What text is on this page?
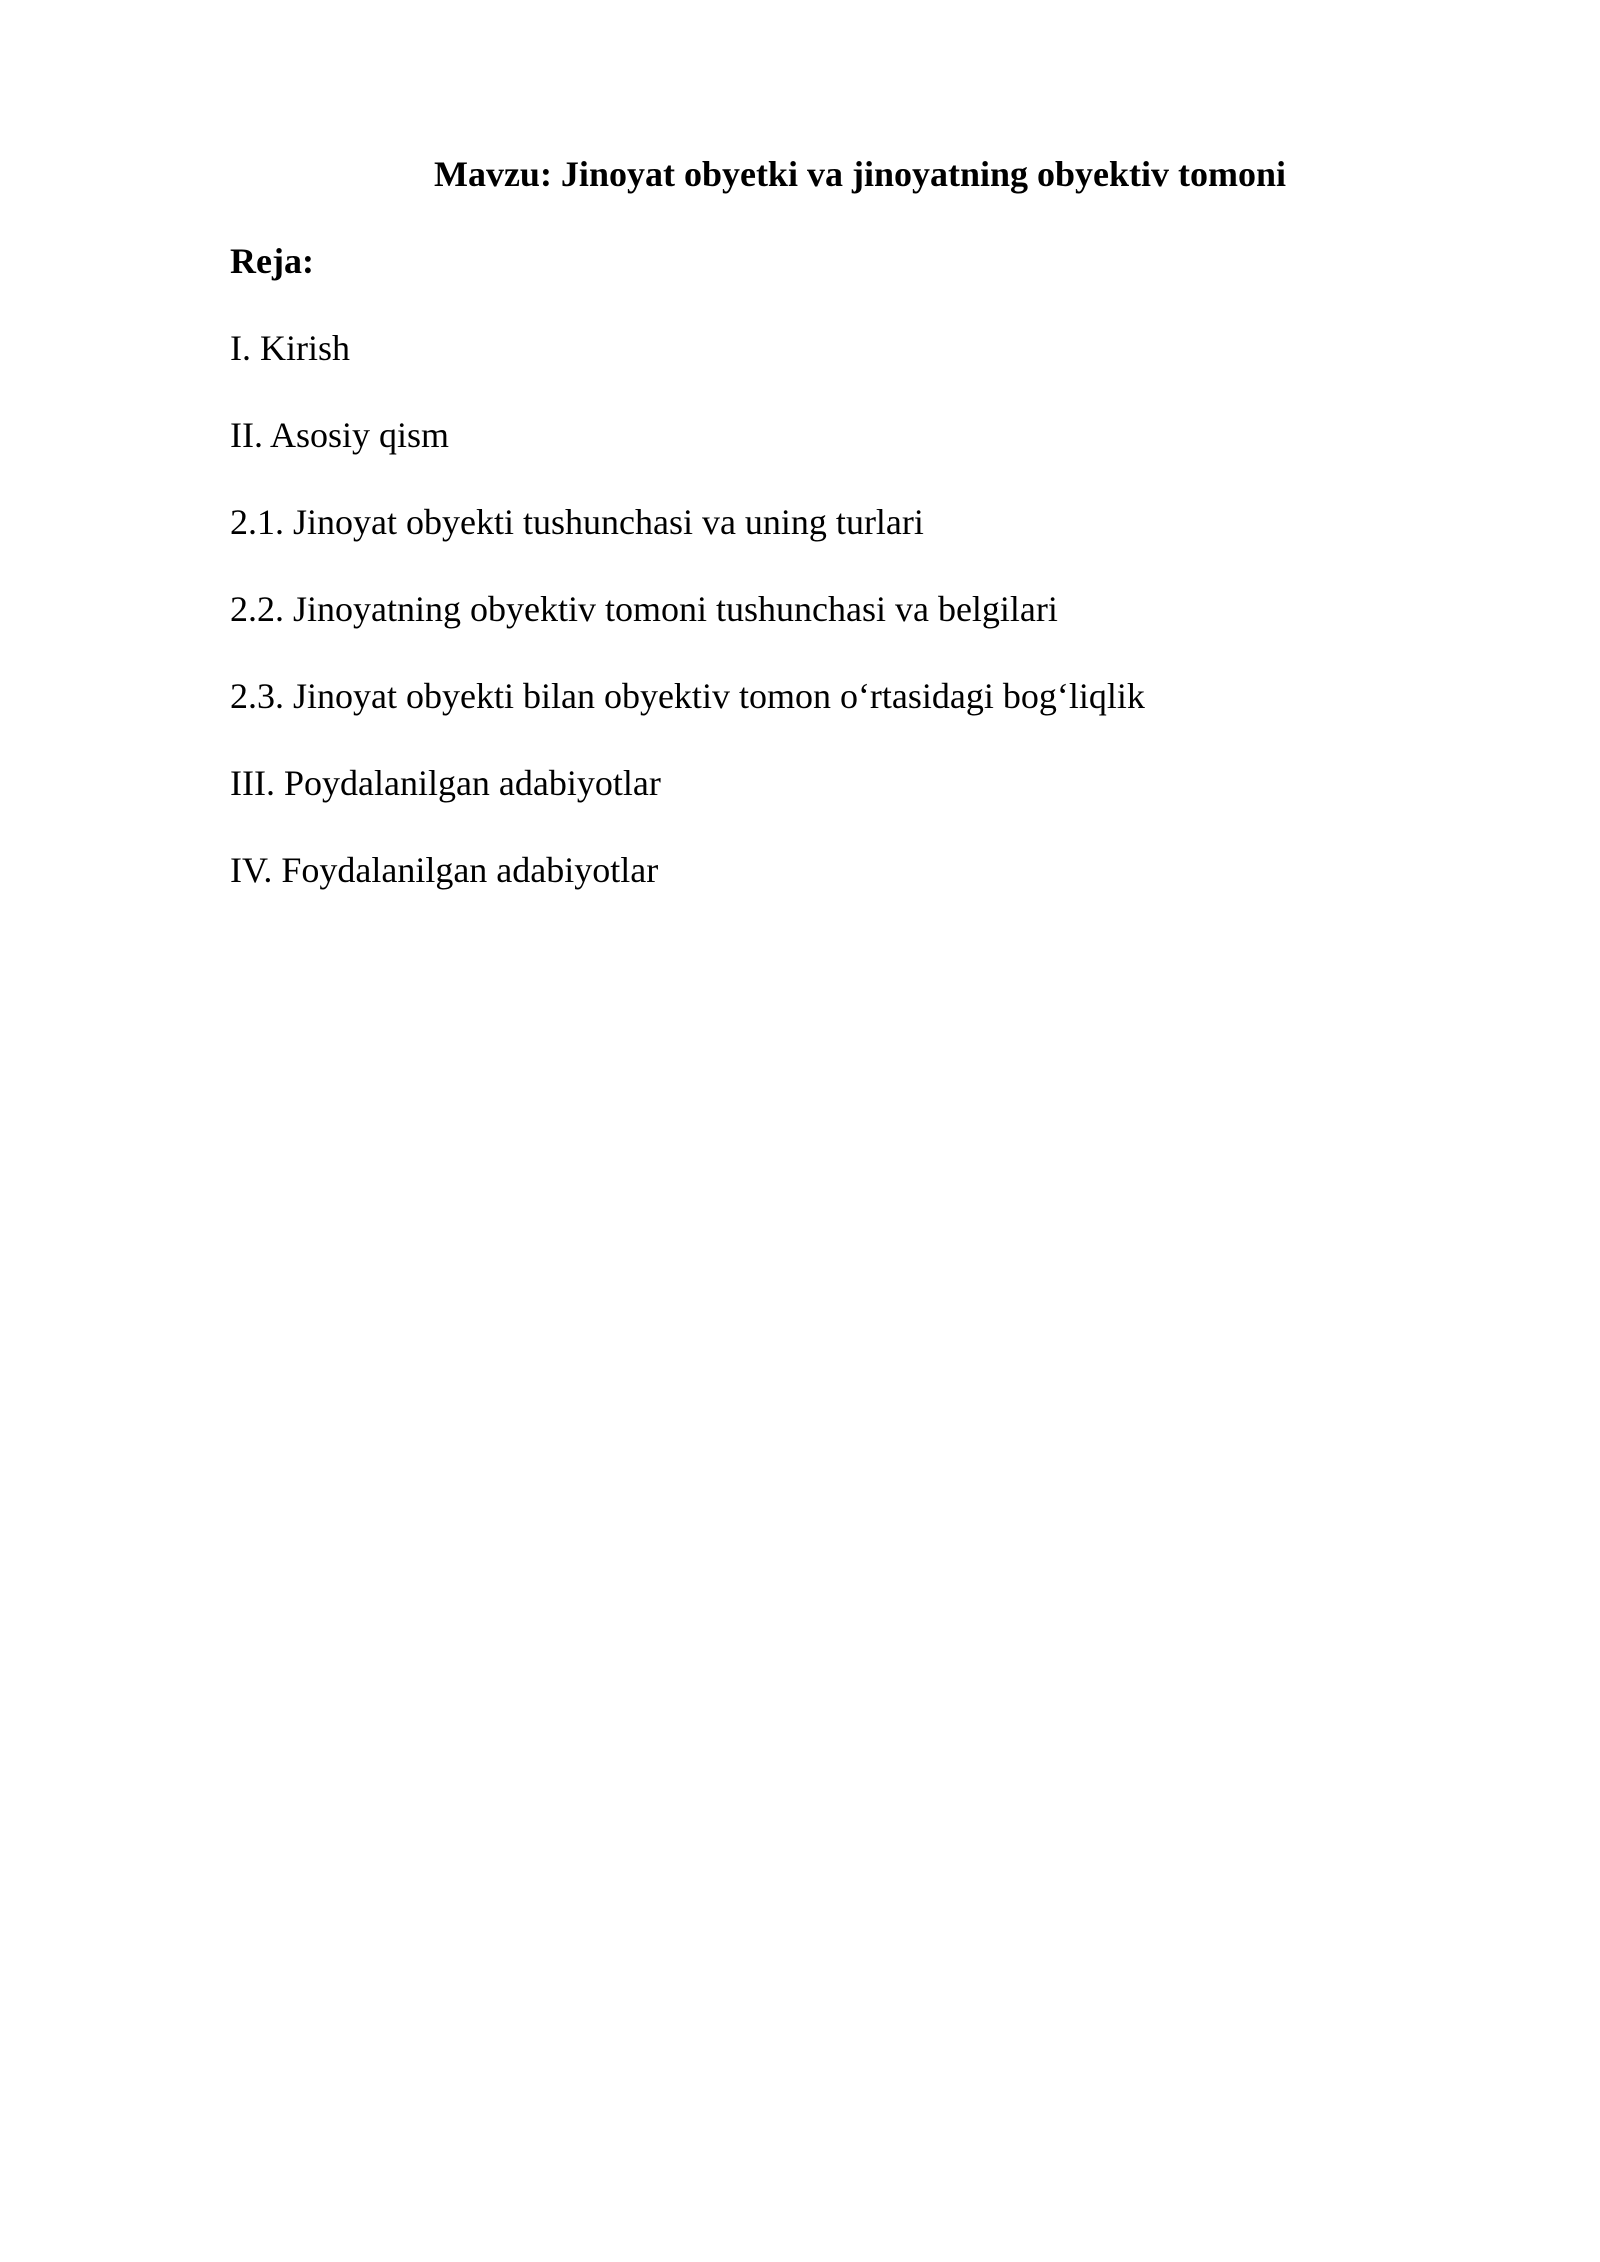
Mavzu: Jinoyat obyetki va jinoyatning obyektiv tomoni
Reja:
I. Kirish
II. Asosiy qism
2.1. Jinoyat obyekti tushunchasi va uning turlari
2.2. Jinoyatning obyektiv tomoni tushunchasi va belgilari
2.3. Jinoyat obyekti bilan obyektiv tomon o‘rtasidagi bog‘liqlik
III. Poydalanilgan adabiyotlar
IV. Foydalanilgan adabiyotlar
